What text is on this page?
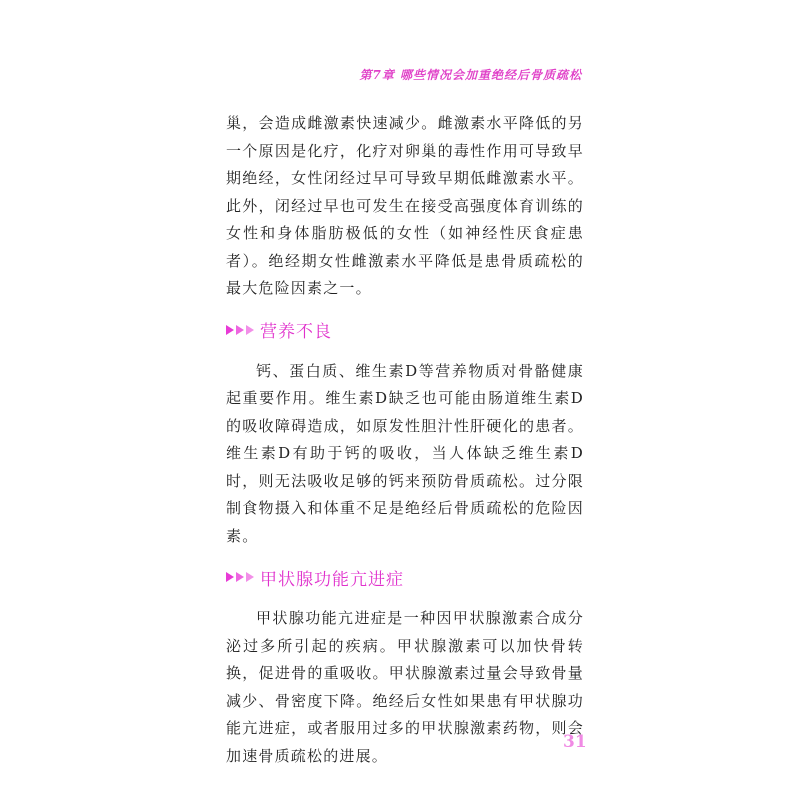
第7章 哪些情况会加重绝经后骨质疏松

巢，会造成雌激素快速减少。雌激素水平降低的另一个原因是化疗，化疗对卵巢的毒性作用可导致早期绝经，女性闭经过早可导致早期低雌激素水平。此外，闭经过早也可发生在接受高强度体育训练的女性和身体脂肪极低的女性（如神经性厌食症患者）。绝经期女性雌激素水平降低是患骨质疏松的最大危险因素之一。

营养不良

钙、蛋白质、维生素D等营养物质对骨骼健康起重要作用。维生素D缺乏也可能由肠道维生素D的吸收障碍造成，如原发性胆汁性肝硬化的患者。维生素D有助于钙的吸收，当人体缺乏维生素D时，则无法吸收足够的钙来预防骨质疏松。过分限制食物摄入和体重不足是绝经后骨质疏松的危险因素。

甲状腺功能亢进症

甲状腺功能亢进症是一种因甲状腺激素合成分泌过多所引起的疾病。甲状腺激素可以加快骨转换，促进骨的重吸收。甲状腺激素过量会导致骨量减少、骨密度下降。绝经后女性如果患有甲状腺功能亢进症，或者服用过多的甲状腺激素药物，则会加速骨质疏松的进展。

31
